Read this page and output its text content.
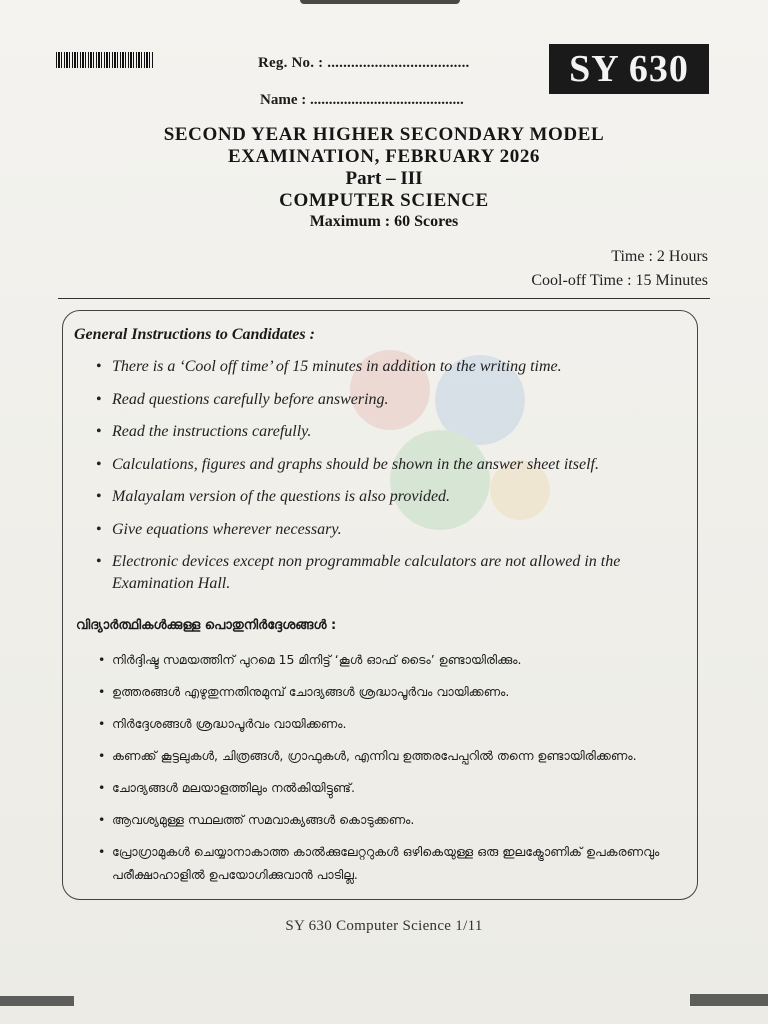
Reg. No. : ....................................
Name : .........................................
SY 630
SECOND YEAR HIGHER SECONDARY MODEL
EXAMINATION, FEBRUARY 2026
Part – III
COMPUTER SCIENCE
Maximum : 60 Scores
Time : 2 Hours
Cool-off Time : 15 Minutes
General Instructions to Candidates :
• There is a ‘Cool off time’ of 15 minutes in addition to the writing time.
• Read questions carefully before answering.
• Read the instructions carefully.
• Calculations, figures and graphs should be shown in the answer sheet itself.
• Malayalam version of the questions is also provided.
• Give equations wherever necessary.
• Electronic devices except non programmable calculators are not allowed in the Examination Hall.
വിദ്യാർത്ഥികൾക്കുള്ള പൊതുനിർദ്ദേശങ്ങൾ :
• നിർദ്ദിഷ്ട സമയത്തിന് പുറമെ 15 മിനിട്ട് ‘കൂൾ ഓഫ് ടൈം’ ഉണ്ടായിരിക്കും.
• ഉത്തരങ്ങൾ എഴുതുന്നതിനുമുമ്പ് ചോദ്യങ്ങൾ ശ്രദ്ധാപൂർവം വായിക്കണം.
• നിർദ്ദേശങ്ങൾ ശ്രദ്ധാപൂർവം വായിക്കണം.
• കണക്ക് കൂട്ടലുകൾ, ചിത്രങ്ങൾ, ഗ്രാഫുകൾ, എന്നിവ ഉത്തരപേപ്പറിൽ തന്നെ ഉണ്ടായിരിക്കണം.
• ചോദ്യങ്ങൾ മലയാളത്തിലും നൽകിയിട്ടുണ്ട്.
• ആവശ്യമുള്ള സ്ഥലത്ത് സമവാക്യങ്ങൾ കൊടുക്കണം.
• പ്രോഗ്രാമുകൾ ചെയ്യാനാകാത്ത കാൽക്കുലേറ്ററുകൾ ഒഴികെയുള്ള ഒരു ഇലക്ട്രോണിക് ഉപകരണവും പരീക്ഷാഹാളിൽ ഉപയോഗിക്കുവാൻ പാടില്ല.
SY 630 Computer Science 1/11
